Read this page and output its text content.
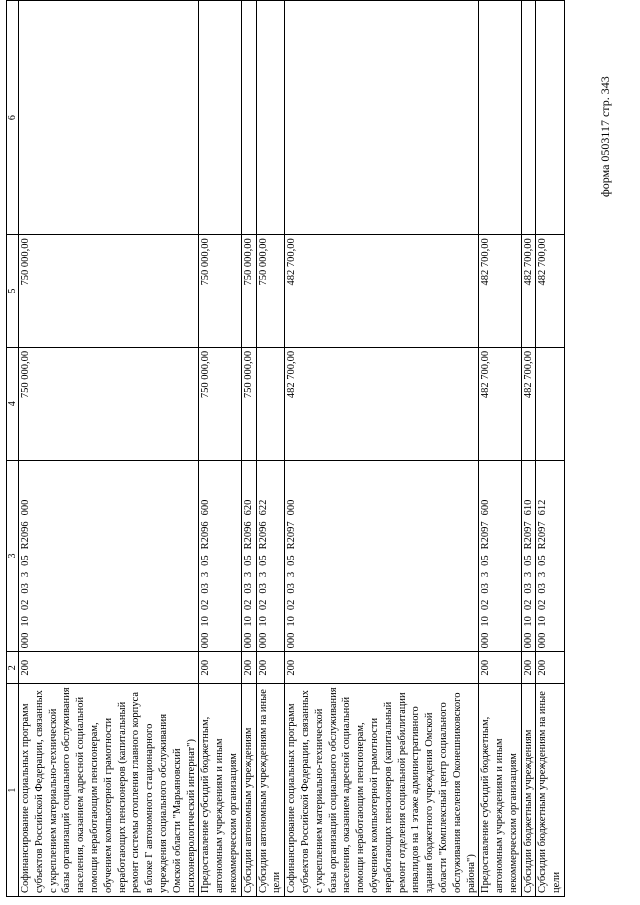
форма 0503117 стр. 343
1	2	3	4	5	6
Софинансирование социальных программ субъектов Российской Федерации, связанных с укреплением материально-технической базы организаций социального обслуживания населения, оказанием адресной социальной помощи неработающим пенсионерам, обучением компьютерной грамотности неработающих пенсионеров (капитальный ремонт системы отопления главного корпуса в блоке Г автономного стационарного учреждения социального обслуживания Омской области "Марьяновский психоневрологический интернат")	200	000100203305R2096000	750 000,00	750 000,00	
Предоставление субсидий бюджетным, автономным учреждениям и иным некоммерческим организациям	200	000100203305R2096600	750 000,00	750 000,00	
Субсидии автономным учреждениям	200	000100203305R2096620	750 000,00	750 000,00	
Субсидии автономным учреждениям на иные цели	200	000100203305R2096622		750 000,00	
Софинансирование социальных программ субъектов Российской Федерации, связанных с укреплением материально-технической базы организаций социального обслуживания населения, оказанием адресной социальной помощи неработающим пенсионерам, обучением компьютерной грамотности неработающих пенсионеров (капитальный ремонт отделения социальной реабилитации инвалидов на 1 этаже административного здания бюджетного учреждения Омской области "Комплексный центр социального обслуживания населения Оконешниковского района")	200	000100203305R2097000	482 700,00	482 700,00	
Предоставление субсидий бюджетным, автономным учреждениям и иным некоммерческим организациям	200	000100203305R2097600	482 700,00	482 700,00	
Субсидии бюджетным учреждениям	200	000100203305R2097610	482 700,00	482 700,00	
Субсидии бюджетным учреждениям на иные цели	200	000100203305R2097612		482 700,00	
